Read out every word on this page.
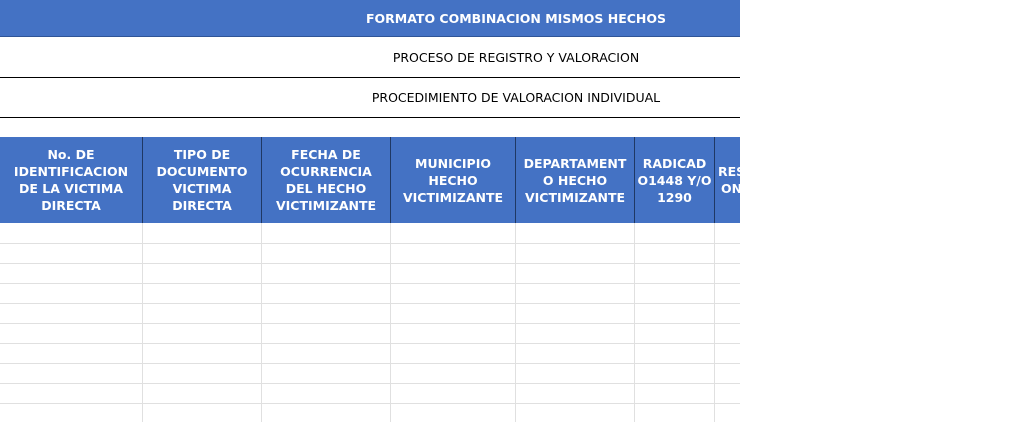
FORMATO COMBINACION MISMOS HECHOS
PROCESO DE REGISTRO Y VALORACION
PROCEDIMIENTO DE VALORACION INDIVIDUAL
No. DE IDENTIFICACION DE LA VICTIMA DIRECTA
TIPO DE DOCUMENTO VICTIMA DIRECTA
FECHA DE OCURRENCIA DEL HECHO VICTIMIZANTE
MUNICIPIO HECHO VICTIMIZANTE
DEPARTAMENT O HECHO VICTIMIZANTE
RADICAD O1448 Y/O 1290
RES ON
